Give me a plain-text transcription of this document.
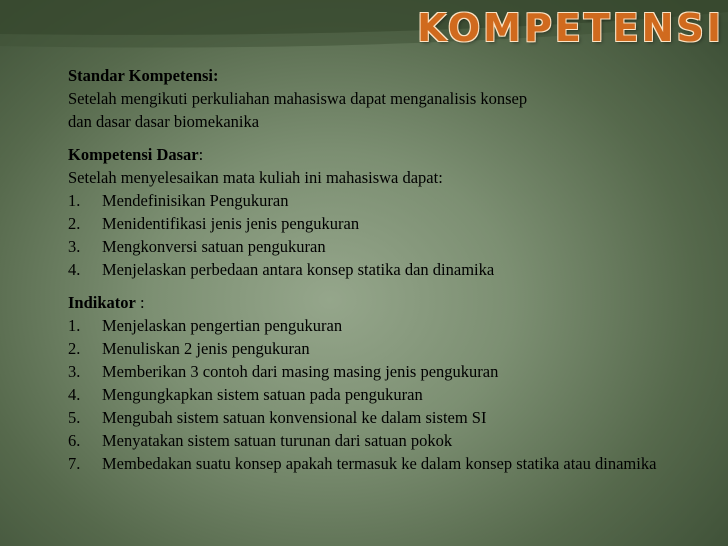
KOMPETENSI
Standar Kompetensi:
Setelah mengikuti perkuliahan mahasiswa dapat menganalisis konsep
dan dasar dasar biomekanika
Kompetensi Dasar:
Setelah menyelesaikan mata kuliah ini mahasiswa dapat:
1.	Mendefinisikan Pengukuran
2.	Menidentifikasi jenis jenis pengukuran
3.	Mengkonversi satuan pengukuran
4.	Menjelaskan perbedaan antara konsep statika dan dinamika
Indikator :
1.	Menjelaskan pengertian pengukuran
2.	Menuliskan 2 jenis pengukuran
3.	Memberikan 3 contoh dari masing masing jenis pengukuran
4.	Mengungkapkan sistem satuan pada pengukuran
5.	Mengubah sistem satuan konvensional ke dalam sistem SI
6.	Menyatakan sistem satuan turunan dari satuan pokok
7.	Membedakan suatu konsep apakah termasuk ke dalam konsep statika atau dinamika
